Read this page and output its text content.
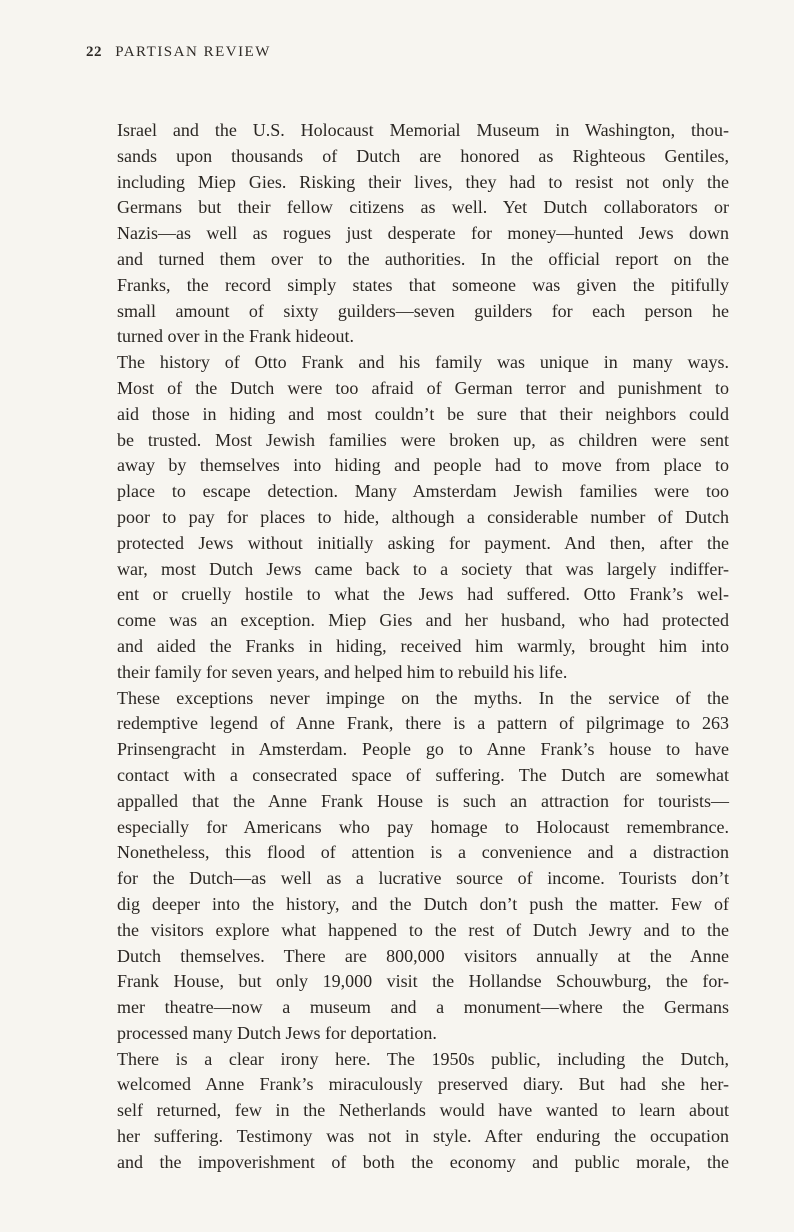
22 PARTISAN REVIEW
Israel and the U.S. Holocaust Memorial Museum in Washington, thou-
sands upon thousands of Dutch are honored as Righteous Gentiles,
including Miep Gies. Risking their lives, they had to resist not only the
Germans but their fellow citizens as well. Yet Dutch collaborators or
Nazis—as well as rogues just desperate for money—hunted Jews down
and turned them over to the authorities. In the official report on the
Franks, the record simply states that someone was given the pitifully
small amount of sixty guilders—seven guilders for each person he
turned over in the Frank hideout.
The history of Otto Frank and his family was unique in many ways.
Most of the Dutch were too afraid of German terror and punishment to
aid those in hiding and most couldn’t be sure that their neighbors could
be trusted. Most Jewish families were broken up, as children were sent
away by themselves into hiding and people had to move from place to
place to escape detection. Many Amsterdam Jewish families were too
poor to pay for places to hide, although a considerable number of Dutch
protected Jews without initially asking for payment. And then, after the
war, most Dutch Jews came back to a society that was largely indiffer-
ent or cruelly hostile to what the Jews had suffered. Otto Frank’s wel-
come was an exception. Miep Gies and her husband, who had protected
and aided the Franks in hiding, received him warmly, brought him into
their family for seven years, and helped him to rebuild his life.
These exceptions never impinge on the myths. In the service of the
redemptive legend of Anne Frank, there is a pattern of pilgrimage to 263
Prinsengracht in Amsterdam. People go to Anne Frank’s house to have
contact with a consecrated space of suffering. The Dutch are somewhat
appalled that the Anne Frank House is such an attraction for tourists—
especially for Americans who pay homage to Holocaust remembrance.
Nonetheless, this flood of attention is a convenience and a distraction
for the Dutch—as well as a lucrative source of income. Tourists don’t
dig deeper into the history, and the Dutch don’t push the matter. Few of
the visitors explore what happened to the rest of Dutch Jewry and to the
Dutch themselves. There are 800,000 visitors annually at the Anne
Frank House, but only 19,000 visit the Hollandse Schouwburg, the for-
mer theatre—now a museum and a monument—where the Germans
processed many Dutch Jews for deportation.
There is a clear irony here. The 1950s public, including the Dutch,
welcomed Anne Frank’s miraculously preserved diary. But had she her-
self returned, few in the Netherlands would have wanted to learn about
her suffering. Testimony was not in style. After enduring the occupation
and the impoverishment of both the economy and public morale, the
